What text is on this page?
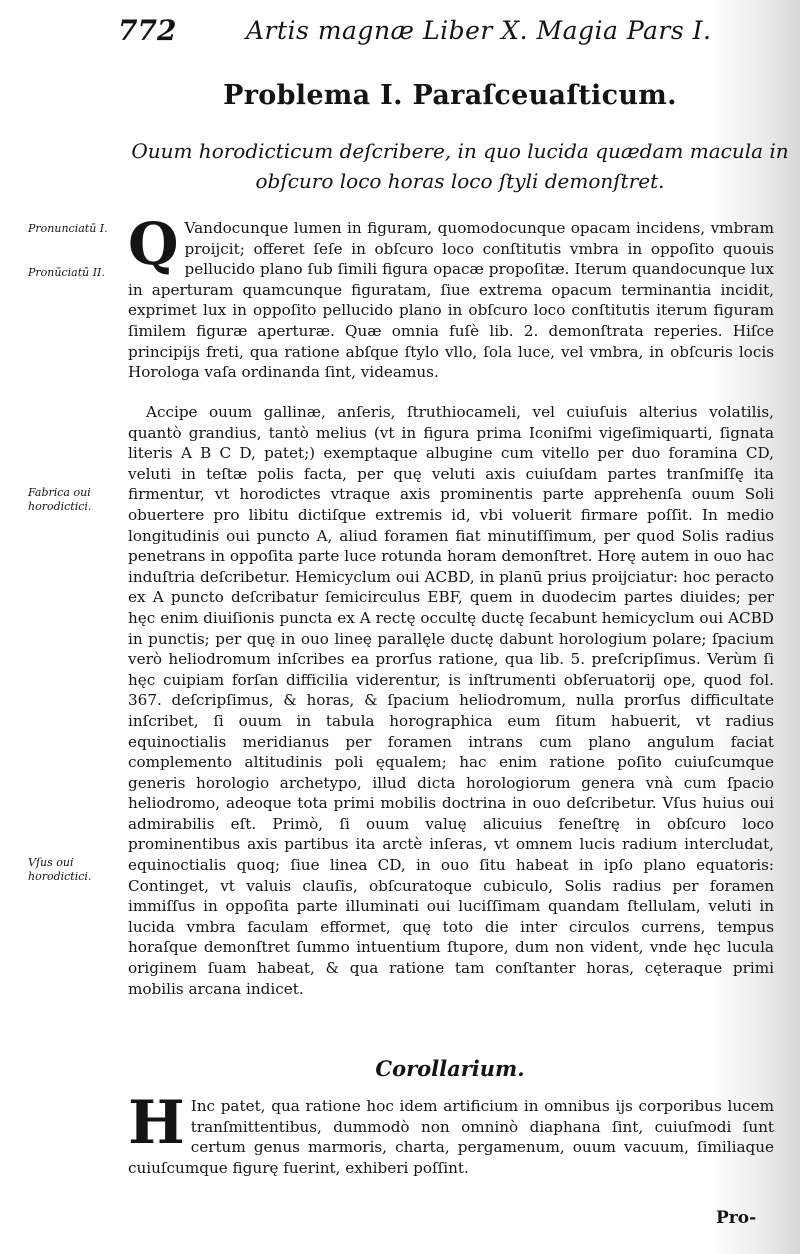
772	Artis magnæ Liber X. Magia Pars I.
Problema I. Paraſceuaſticum.
Ouum horodicticum deſcribere, in quo lucida quædam macula in obſcuro loco horas loco ſtyli demonſtret.
Pronunciatū I.
Pronūciatū II.
Fabrica oui horodictici.
Vſus oui horodictici.

Q Vandocunque lumen in figuram, quomodocunque opacam incidens, vmbram proijcit; offeret ſeſe in obſcuro loco conſtitutis vmbra in oppoſito quouis pellucido plano ſub ſimili figura opacæ propoſitæ. Iterum quandocunque lux in aperturam quamcunque figuratam, ſiue extrema opacum terminantia incidit, exprimet lux in oppoſito pellucido plano in obſcuro loco conſtitutis iterum figuram ſimilem figuræ aperturæ. Quæ omnia fuſè lib. 2. demonſtrata reperies. Hiſce principijs freti, qua ratione abſque ſtylo vllo, ſola luce, vel vmbra, in obſcuris locis Horologa vaſa ordinanda ſint, videamus.

Accipe ouum gallinæ, anſeris, ſtruthiocameli, vel cuiuſuis alterius volatilis, quantò grandius, tantò melius (vt in figura prima Iconiſmi vigeſimiquarti, ſignata literis A B C D, patet;) exemptaque albugine cum vitello per duo foramina CD, veluti in teſtæ polis facta, per quę veluti axis cuiuſdam partes tranſmiſſę ita firmentur, vt horodictes vtraque axis prominentis parte apprehenſa ouum Soli obuertere pro libitu dictiſque extremis id, vbi voluerit firmare poſſit. In medio longitudinis oui puncto A, aliud foramen fiat minutiſſimum, per quod Solis radius penetrans in oppoſita parte luce rotunda horam demonſtret. Horę autem in ouo hac induſtria deſcribetur. Hemicyclum oui ACBD, in planū prius proijciatur: hoc peracto ex A puncto deſcribatur ſemicirculus EBF, quem in duodecim partes diuides; per hęc enim diuiſionis puncta ex A rectę occultę ductę ſecabunt hemicyclum oui ACBD in punctis; per quę in ouo lineę parallęle ductę dabunt horologium polare; ſpacium verò heliodromum inſcribes ea prorſus ratione, qua lib. 5. preſcripſimus. Verùm ſi hęc cuipiam forſan difficilia viderentur, is inſtrumenti obſeruatorij ope, quod fol. 367. deſcripſimus, & horas, & ſpacium heliodromum, nulla prorſus difficultate inſcribet, ſi ouum in tabula horographica eum ſitum habuerit, vt radius equinoctialis meridianus per foramen intrans cum plano angulum faciat complemento altitudinis poli ęqualem; hac enim ratione poſito cuiuſcumque generis horologio archetypo, illud dicta horologiorum genera vnà cum ſpacio heliodromo, adeoque tota primi mobilis doctrina in ouo deſcribetur. Vſus huius oui admirabilis eſt. Primò, ſi ouum valuę alicuius feneſtrę in obſcuro loco prominentibus axis partibus ita arctè inſeras, vt omnem lucis radium intercludat, equinoctialis quoq; ſiue linea CD, in ouo ſitu habeat in ipſo plano equatoris: Continget, vt valuis clauſis, obſcuratoque cubiculo, Solis radius per foramen immiſſus in oppoſita parte illuminati oui luciſſimam quandam ſtellulam, veluti in lucida vmbra faculam efformet, quę toto die inter circulos currens, tempus horaſque demonſtret ſummo intuentium ſtupore, dum non vident, vnde hęc lucula originem ſuam habeat, & qua ratione tam conſtanter horas, cęteraque primi mobilis arcana indicet.

Corollarium.

H Inc patet, qua ratione hoc idem artificium in omnibus ijs corporibus lucem tranſmittentibus, dummodò non omninò diaphana ſint, cuiuſmodi ſunt certum genus marmoris, charta, pergamenum, ouum vacuum, ſimiliaque cuiuſcumque figurę fuerint, exhiberi poſſint.

Pro-
